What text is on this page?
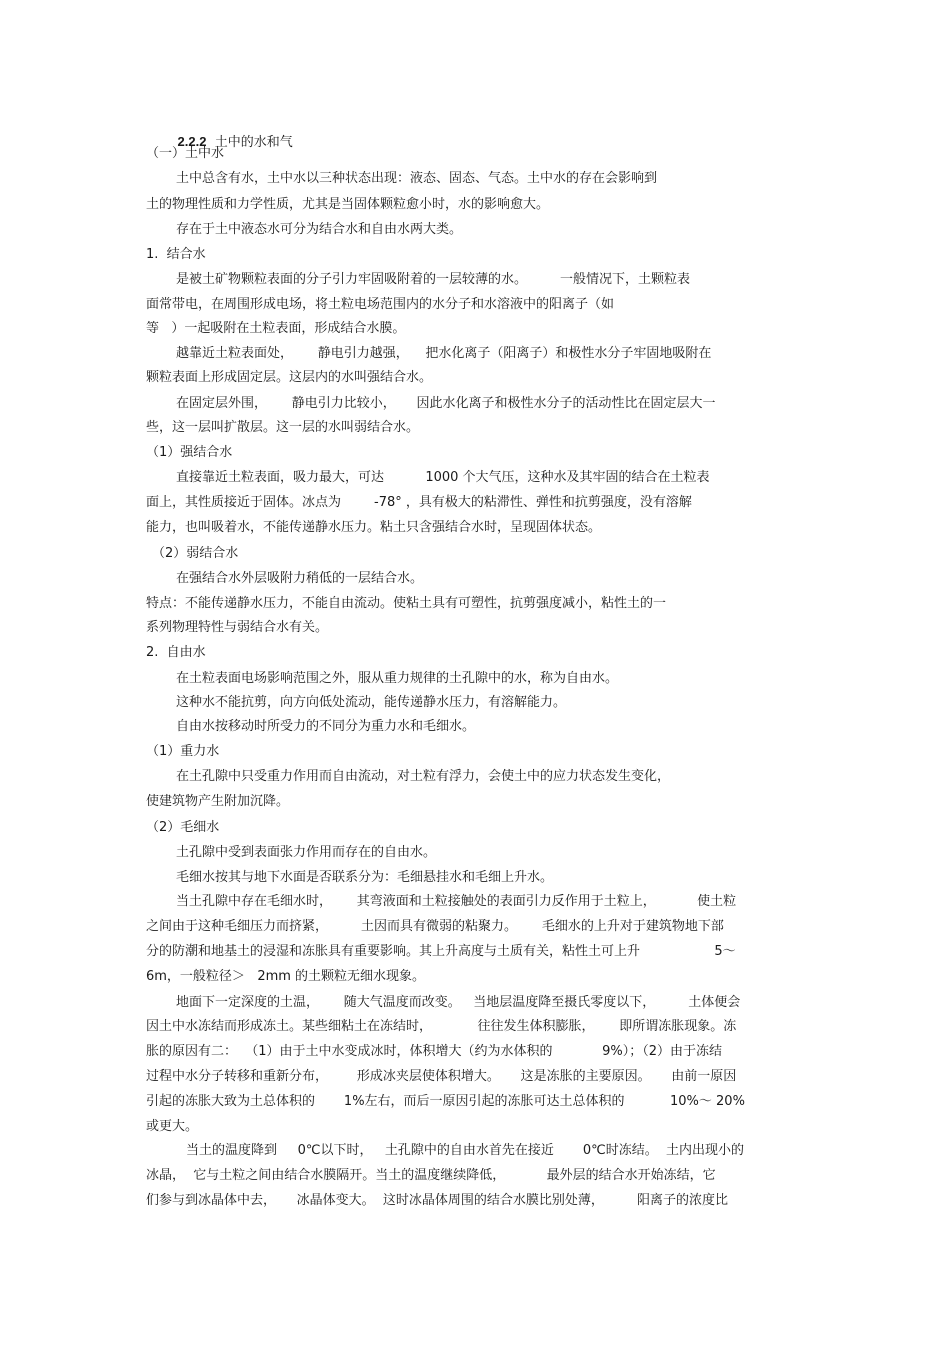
2.2.2 土中的水和气

（一）土中水
土中总含有水，土中水以三种状态出现：液态、固态、气态。土中水的存在会影响到
土的物理性质和力学性质，尤其是当固体颗粒愈小时，水的影响愈大。
存在于土中液态水可分为结合水和自由水两大类。
1.  结合水
是被土矿物颗粒表面的分子引力牢固吸附着的一层较薄的水。        一般情况下，土颗粒表
面常带电，在周围形成电场，将土粒电场范围内的水分子和水溶液中的阳离子（如
等   ）一起吸附在土粒表面，形成结合水膜。
越靠近土粒表面处，      静电引力越强，    把水化离子（阳离子）和极性水分子牢固地吸附在
颗粒表面上形成固定层。这层内的水叫强结合水。
在固定层外围，      静电引力比较小，     因此水化离子和极性水分子的活动性比在固定层大一
些，这一层叫扩散层。这一层的水叫弱结合水。
（1）强结合水
直接靠近土粒表面，吸力最大，可达          1000 个大气压，这种水及其牢固的结合在土粒表
面上，其性质接近于固体。冰点为        -78° ，具有极大的粘滞性、弹性和抗剪强度，没有溶解
能力，也叫吸着水，不能传递静水压力。粘土只含强结合水时，呈现固体状态。
（2）弱结合水
在强结合水外层吸附力稍低的一层结合水。
特点：不能传递静水压力，不能自由流动。使粘土具有可塑性，抗剪强度减小，粘性土的一
系列物理特性与弱结合水有关。
2.  自由水
在土粒表面电场影响范围之外，服从重力规律的土孔隙中的水，称为自由水。
这种水不能抗剪，向方向低处流动，能传递静水压力，有溶解能力。
自由水按移动时所受力的不同分为重力水和毛细水。
（1）重力水
在土孔隙中只受重力作用而自由流动，对土粒有浮力，会使土中的应力状态发生变化，
使建筑物产生附加沉降。
（2）毛细水
土孔隙中受到表面张力作用而存在的自由水。
毛细水按其与地下水面是否联系分为：毛细悬挂水和毛细上升水。
当土孔隙中存在毛细水时，      其弯液面和土粒接触处的表面引力反作用于土粒上，          使土粒
之间由于这种毛细压力而挤紧，        土因而具有微弱的粘聚力。      毛细水的上升对于建筑物地下部
分的防潮和地基土的浸湿和冻胀具有重要影响。其上升高度与土质有关，粘性土可上升                  5～
6m，一般粒径＞   2mm 的土颗粒无细水现象。
地面下一定深度的土温，      随大气温度而改变。   当地层温度降至摄氏零度以下，        土体便会
因土中水冻结而形成冻土。某些细粘土在冻结时，           往往发生体积膨胀，      即所谓冻胀现象。冻
胀的原因有二：  （1）由于土中水变成冰时，体积增大（约为水体积的            9%）；（2）由于冻结
过程中水分子转移和重新分布，       形成冰夹层使体积增大。     这是冻胀的主要原因。     由前一原因
引起的冻胀大致为土总体积的       1%左右，而后一原因引起的冻胀可达土总体积的           10%～ 20%
或更大。
当土的温度降到     0℃以下时，   土孔隙中的自由水首先在接近       0℃时冻结。  土内出现小的
冰晶，  它与土粒之间由结合水膜隔开。当土的温度继续降低，          最外层的结合水开始冻结，它
们参与到冰晶体中去，     冰晶体变大。  这时冰晶体周围的结合水膜比别处薄，        阳离子的浓度比
